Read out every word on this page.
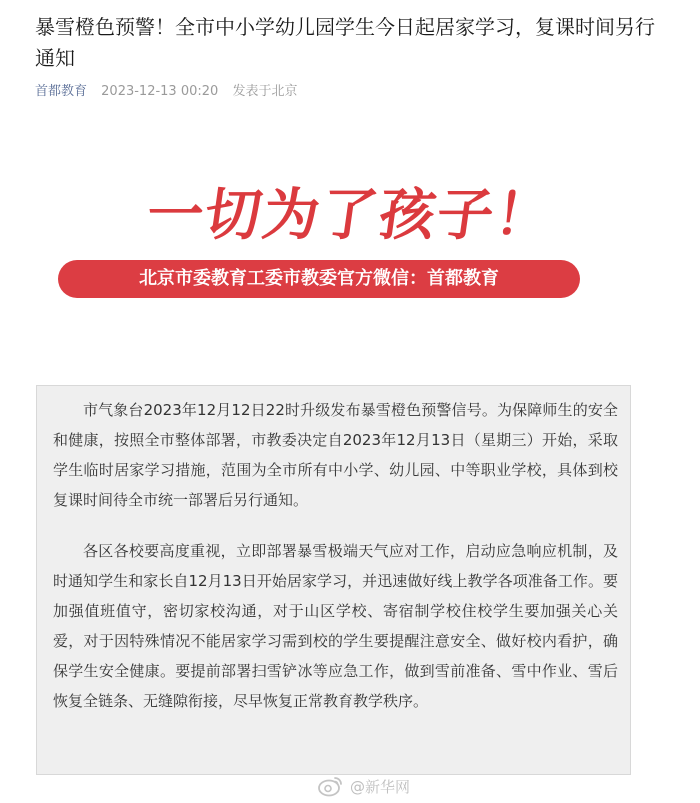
暴雪橙色预警！全市中小学幼儿园学生今日起居家学习，复课时间另行通知
首都教育 2023-12-13 00:20 发表于北京
一切为了孩子！
北京市委教育工委市教委官方微信：首都教育

市气象台2023年12月12日22时升级发布暴雪橙色预警信号。为保障师生的安全和健康，按照全市整体部署，市教委决定自2023年12月13日（星期三）开始，采取学生临时居家学习措施，范围为全市所有中小学、幼儿园、中等职业学校，具体到校复课时间待全市统一部署后另行通知。

各区各校要高度重视，立即部署暴雪极端天气应对工作，启动应急响应机制，及时通知学生和家长自12月13日开始居家学习，并迅速做好线上教学各项准备工作。要加强值班值守，密切家校沟通，对于山区学校、寄宿制学校住校学生要加强关心关爱，对于因特殊情况不能居家学习需到校的学生要提醒注意安全、做好校内看护，确保学生安全健康。要提前部署扫雪铲冰等应急工作，做到雪前准备、雪中作业、雪后恢复全链条、无缝隙衔接，尽早恢复正常教育教学秩序。

@新华网
